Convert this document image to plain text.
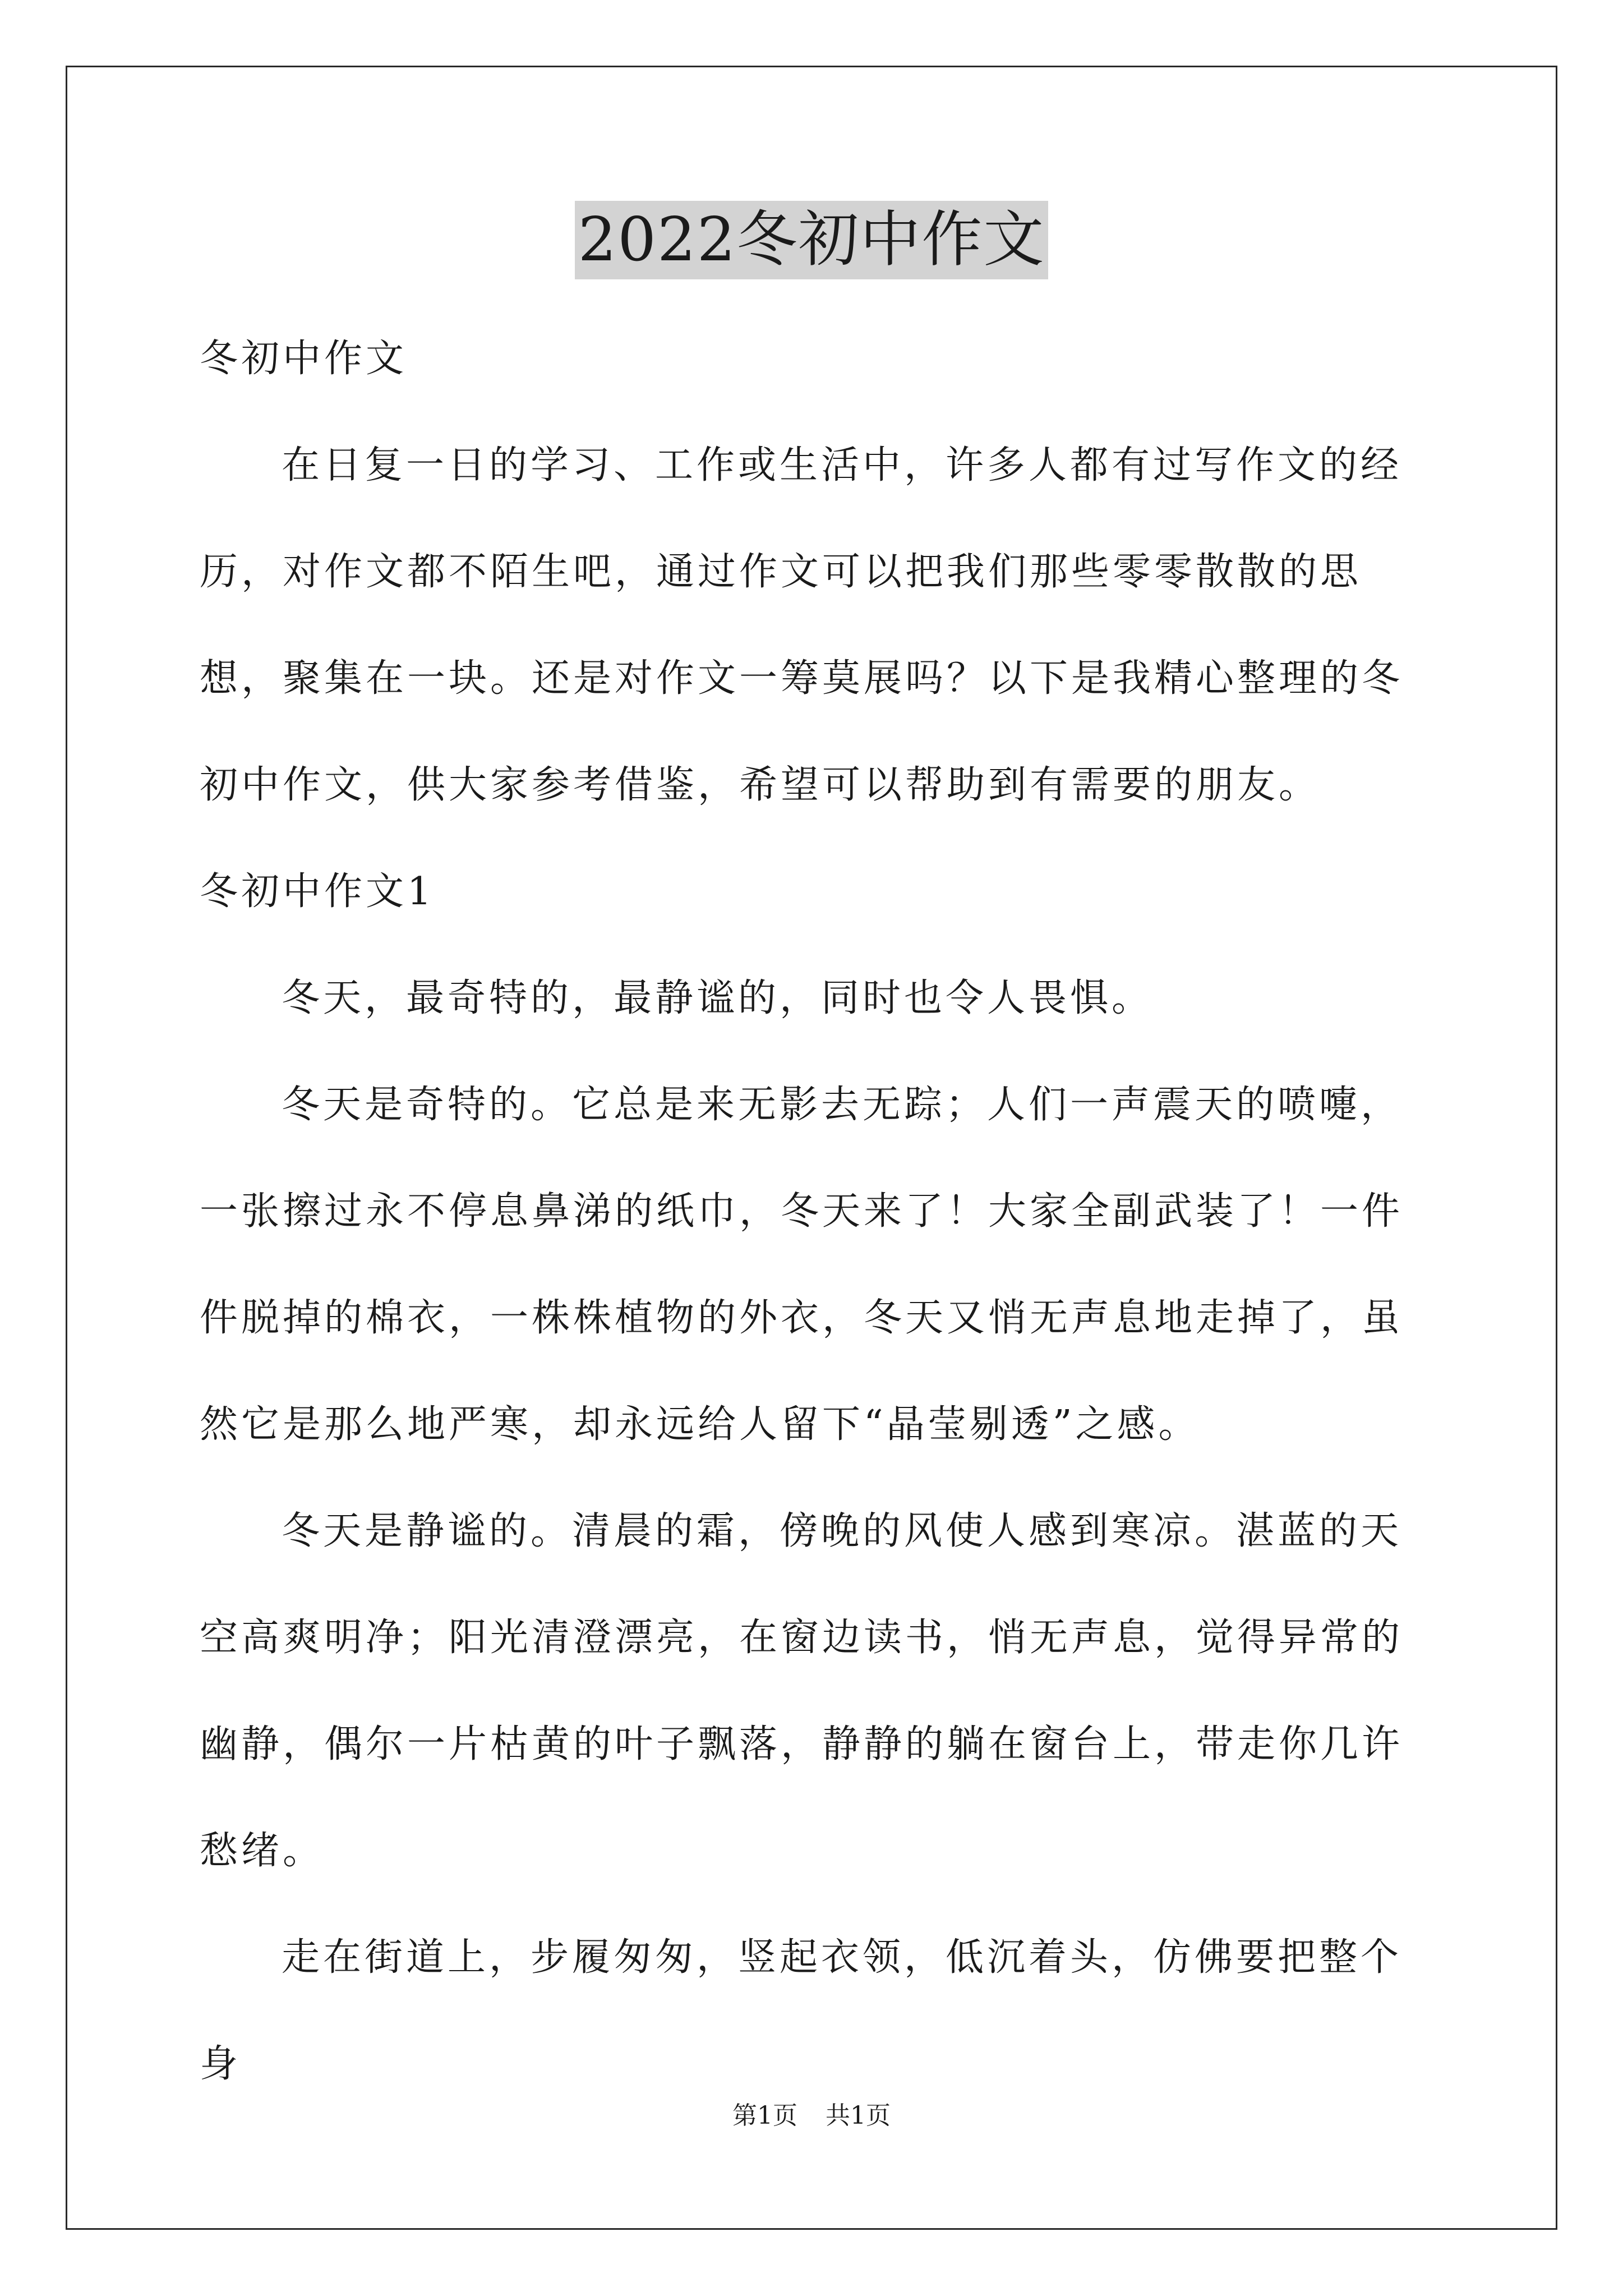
2022冬初中作文

冬初中作文

在日复一日的学习、工作或生活中，许多人都有过写作文的经历，对作文都不陌生吧，通过作文可以把我们那些零零散散的思想，聚集在一块。还是对作文一筹莫展吗？以下是我精心整理的冬初中作文，供大家参考借鉴，希望可以帮助到有需要的朋友。

冬初中作文1

冬天，最奇特的，最静谧的，同时也令人畏惧。

冬天是奇特的。它总是来无影去无踪；人们一声震天的喷嚏，一张擦过永不停息鼻涕的纸巾，冬天来了！大家全副武装了！一件件脱掉的棉衣，一株株植物的外衣，冬天又悄无声息地走掉了，虽然它是那么地严寒，却永远给人留下“晶莹剔透”之感。

冬天是静谧的。清晨的霜，傍晚的风使人感到寒凉。湛蓝的天空高爽明净；阳光清澄漂亮，在窗边读书，悄无声息，觉得异常的幽静，偶尔一片枯黄的叶子飘落，静静的躺在窗台上，带走你几许愁绪。

走在街道上，步履匆匆，竖起衣领，低沉着头，仿佛要把整个身

第1页 共1页
